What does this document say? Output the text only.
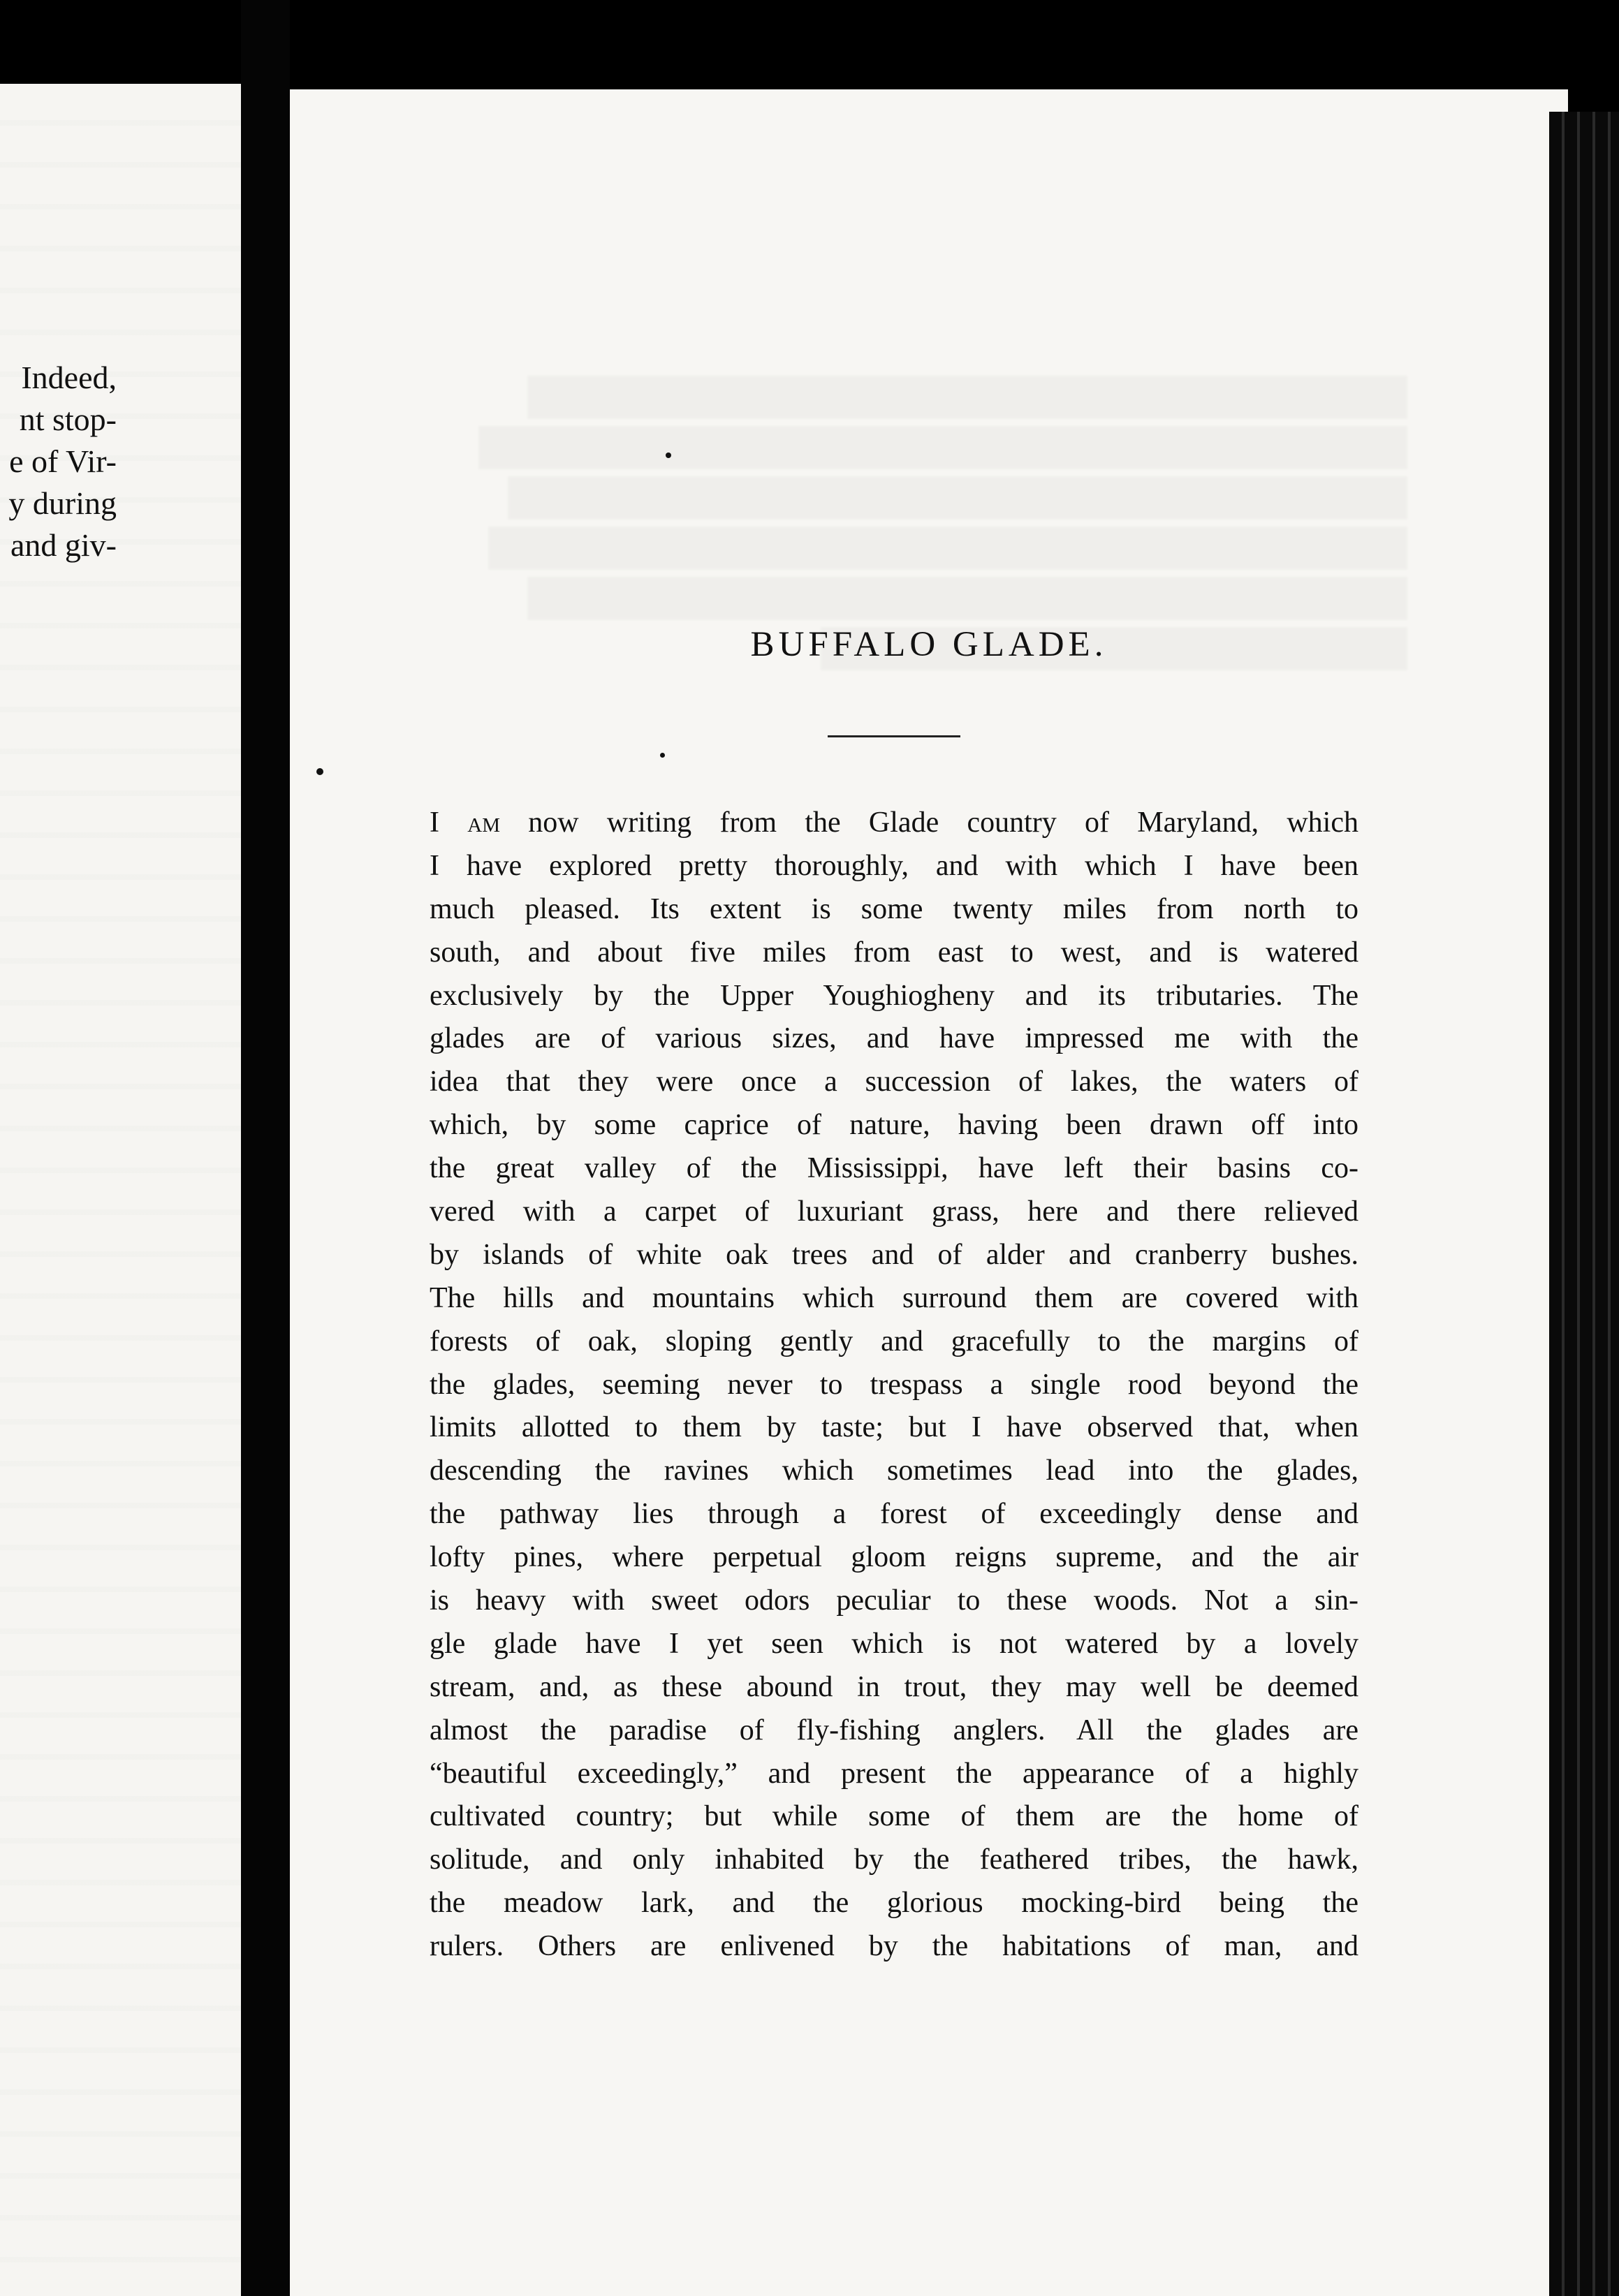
Indeed,
nt stop-
e of Vir-
y during
and giv-
BUFFALO GLADE.
I am now writing from the Glade country of Maryland, which
I have explored pretty thoroughly, and with which I have been
much pleased. Its extent is some twenty miles from north to
south, and about five miles from east to west, and is watered
exclusively by the Upper Youghiogheny and its tributaries. The
glades are of various sizes, and have impressed me with the
idea that they were once a succession of lakes, the waters of
which, by some caprice of nature, having been drawn off into
the great valley of the Mississippi, have left their basins co-
vered with a carpet of luxuriant grass, here and there relieved
by islands of white oak trees and of alder and cranberry bushes.
The hills and mountains which surround them are covered with
forests of oak, sloping gently and gracefully to the margins of
the glades, seeming never to trespass a single rood beyond the
limits allotted to them by taste; but I have observed that, when
descending the ravines which sometimes lead into the glades,
the pathway lies through a forest of exceedingly dense and
lofty pines, where perpetual gloom reigns supreme, and the air
is heavy with sweet odors peculiar to these woods. Not a sin-
gle glade have I yet seen which is not watered by a lovely
stream, and, as these abound in trout, they may well be deemed
almost the paradise of fly-fishing anglers. All the glades are
“beautiful exceedingly,” and present the appearance of a highly
cultivated country; but while some of them are the home of
solitude, and only inhabited by the feathered tribes, the hawk,
the meadow lark, and the glorious mocking-bird being the
rulers. Others are enlivened by the habitations of man, and
